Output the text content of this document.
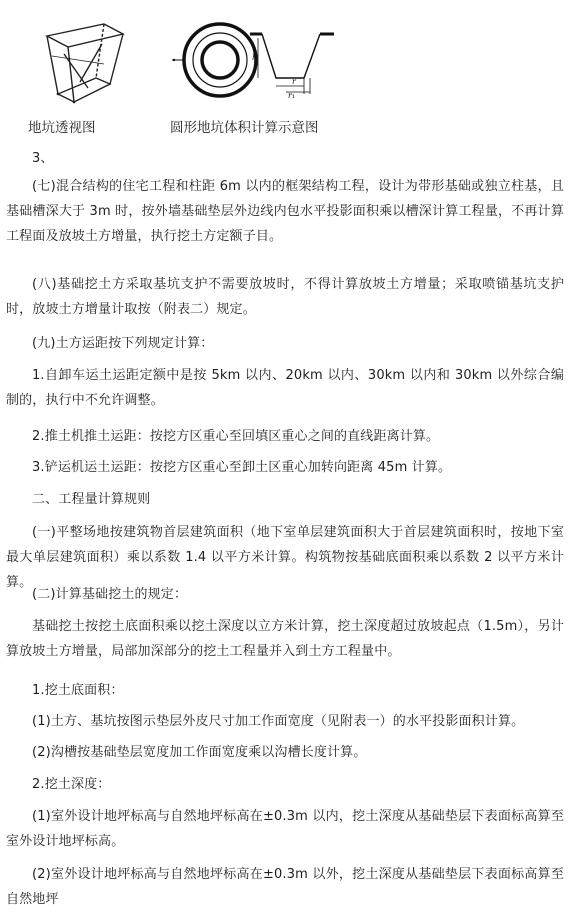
h
r
r₁
地坑透视图	圆形地坑体积计算示意图
3、
(七)混合结构的住宅工程和柱距 6m 以内的框架结构工程，设计为带形基础或独立柱基，且基础槽深大于 3m 时，按外墙基础垫层外边线内包水平投影面积乘以槽深计算工程量，不再计算工程面及放坡土方增量，执行挖土方定额子目。
(八)基础挖土方采取基坑支护不需要放坡时，不得计算放坡土方增量；采取喷锚基坑支护时，放坡土方增量计取按（附表二）规定。
(九)土方运距按下列规定计算：
1.自卸车运土运距定额中是按 5km 以内、20km 以内、30km 以内和 30km 以外综合编制的，执行中不允许调整。
2.推土机推土运距：按挖方区重心至回填区重心之间的直线距离计算。
3.铲运机运土运距：按挖方区重心至卸土区重心加转向距离 45m 计算。
二、工程量计算规则
(一)平整场地按建筑物首层建筑面积（地下室单层建筑面积大于首层建筑面积时，按地下室最大单层建筑面积）乘以系数 1.4 以平方米计算。构筑物按基础底面积乘以系数 2 以平方米计算。
(二)计算基础挖土的规定：
基础挖土按挖土底面积乘以挖土深度以立方米计算，挖土深度超过放坡起点（1.5m），另计算放坡土方增量，局部加深部分的挖土工程量并入到土方工程量中。
1.挖土底面积：
(1)土方、基坑按图示垫层外皮尺寸加工作面宽度（见附表一）的水平投影面积计算。
(2)沟槽按基础垫层宽度加工作面宽度乘以沟槽长度计算。
2.挖土深度：
(1)室外设计地坪标高与自然地坪标高在±0.3m 以内，挖土深度从基础垫层下表面标高算至室外设计地坪标高。
(2)室外设计地坪标高与自然地坪标高在±0.3m 以外，挖土深度从基础垫层下表面标高算至自然地坪
